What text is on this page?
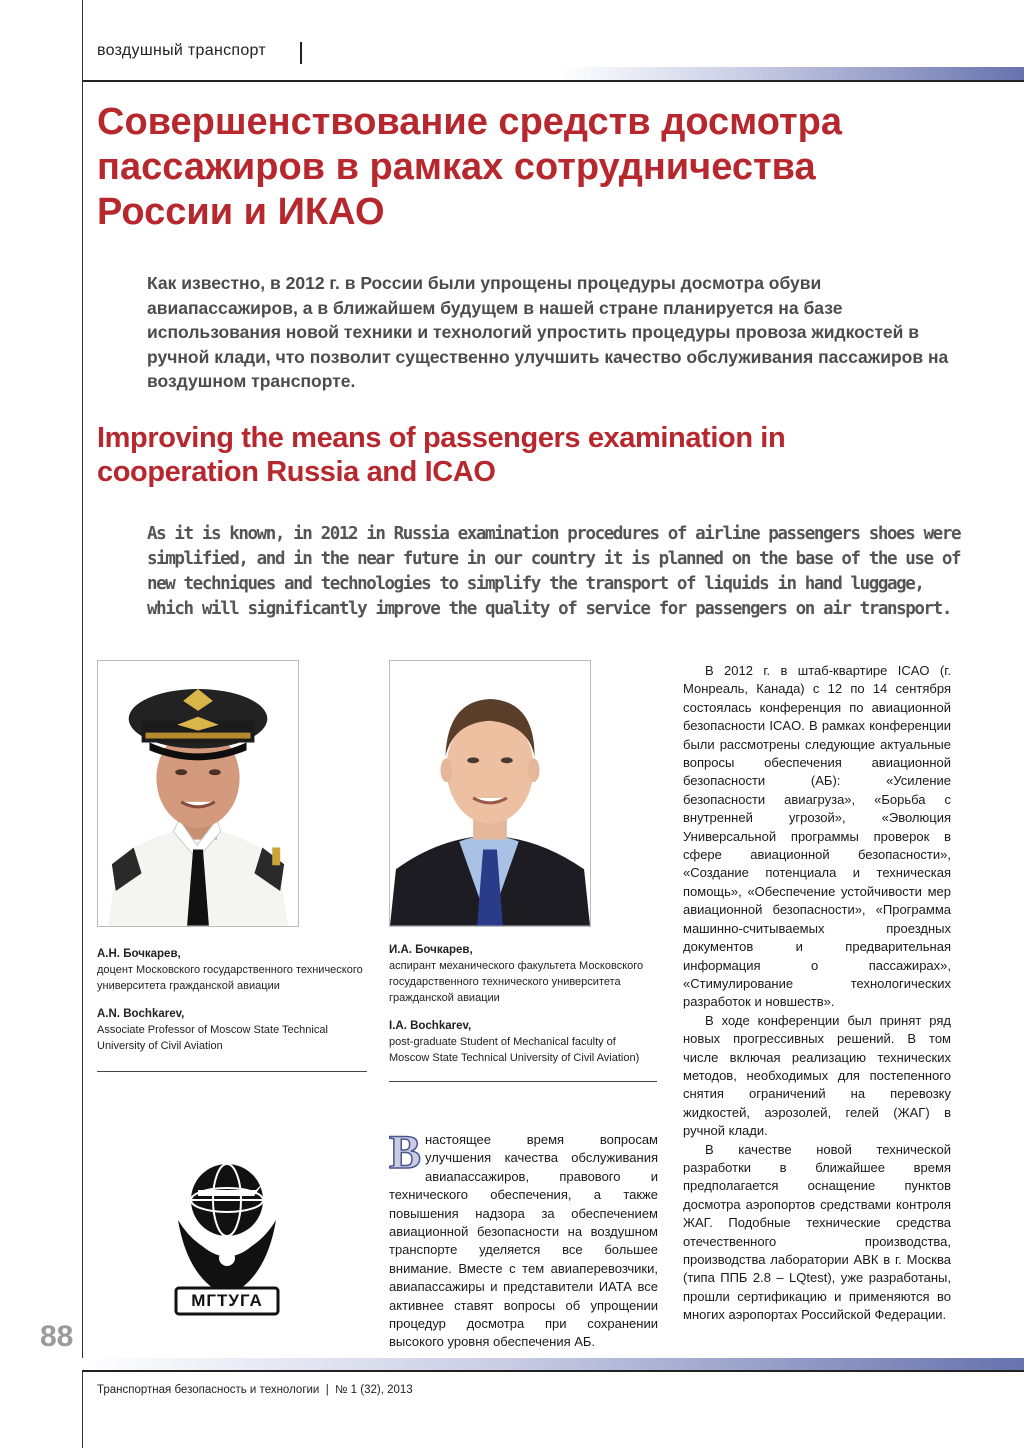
воздушный транспорт
Совершенствование средств досмотра пассажиров в рамках сотрудничества России и ИКАО

Как известно, в 2012 г. в России были упрощены процедуры досмотра обуви авиапассажиров, а в ближайшем будущем в нашей стране планируется на базе использования новой техники и технологий упростить процедуры провоза жидкостей в ручной клади, что позволит существенно улучшить качество обслуживания пассажиров на воздушном транспорте.

Improving the means of passengers examination in cooperation Russia and ICAO

As it is known, in 2012 in Russia examination procedures of airline passengers shoes were simplified, and in the near future in our country it is planned on the base of the use of new techniques and technologies to simplify the transport of liquids in hand luggage, which will significantly improve the quality of service for passengers on air transport.

А.Н. Бочкарев,
доцент Московского государственного технического университета гражданской авиации
A.N. Bochkarev,
Associate Professor of Moscow State Technical University of Civil Aviation
И.А. Бочкарев,
аспирант механического факультета Московского государственного технического университета гражданской авиации
I.A. Bochkarev,
post-graduate Student of Mechanical faculty of Moscow State Technical University of Civil Aviation)
МГТУГА
В настоящее время вопросам улучшения качества обслуживания авиапассажиров, правового и технического обеспечения, а также повышения надзора за обеспечением авиационной безопасности на воздушном транспорте уделяется все большее внимание. Вместе с тем авиаперевозчики, авиапассажиры и представители ИАТА все активнее ставят вопросы об упрощении процедур досмотра при сохранении высокого уровня обеспечения АБ.

В 2012 г. в штаб-квартире ICAO (г. Монреаль, Канада) с 12 по 14 сентября состоялась конференция по авиационной безопасности ICAO. В рамках конференции были рассмотрены следующие актуальные вопросы обеспечения авиационной безопасности (АБ): «Усиление безопасности авиагруза», «Борьба с внутренней угрозой», «Эволюция Универсальной программы проверок в сфере авиационной безопасности», «Создание потенциала и техническая помощь», «Обеспечение устойчивости мер авиационной безопасности», «Программа машинно-считываемых проездных документов и предварительная информация о пассажирах», «Стимулирование технологических разработок и новшеств».

В ходе конференции был принят ряд новых прогрессивных решений. В том числе включая реализацию технических методов, необходимых для постепенного снятия ограничений на перевозку жидкостей, аэрозолей, гелей (ЖАГ) в ручной клади.

В качестве новой технической разработки в ближайшее время предполагается оснащение пунктов досмотра аэропортов средствами контроля ЖАГ. Подобные технические средства отечественного производства, производства лаборатории АВК в г. Москва (типа ППБ 2.8 – LQtest), уже разработаны, прошли сертификацию и применяются во многих аэропортах Российской Федерации.

88
Транспортная безопасность и технологии  |  № 1 (32), 2013
